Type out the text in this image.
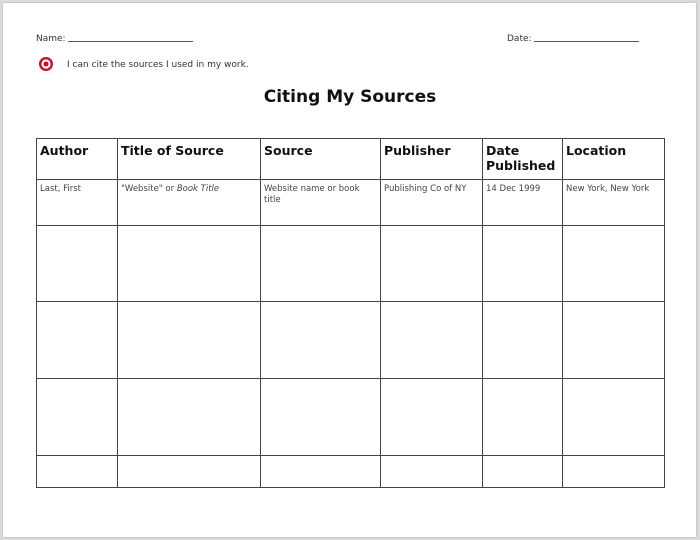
Name:	Date:
I can cite the sources I used in my work.
Citing My Sources
Author	Title of Source	Source	Publisher	Date Published	Location
Last, First	"Website" or Book Title	Website name or book title	Publishing Co of NY	14 Dec 1999	New York, New York
